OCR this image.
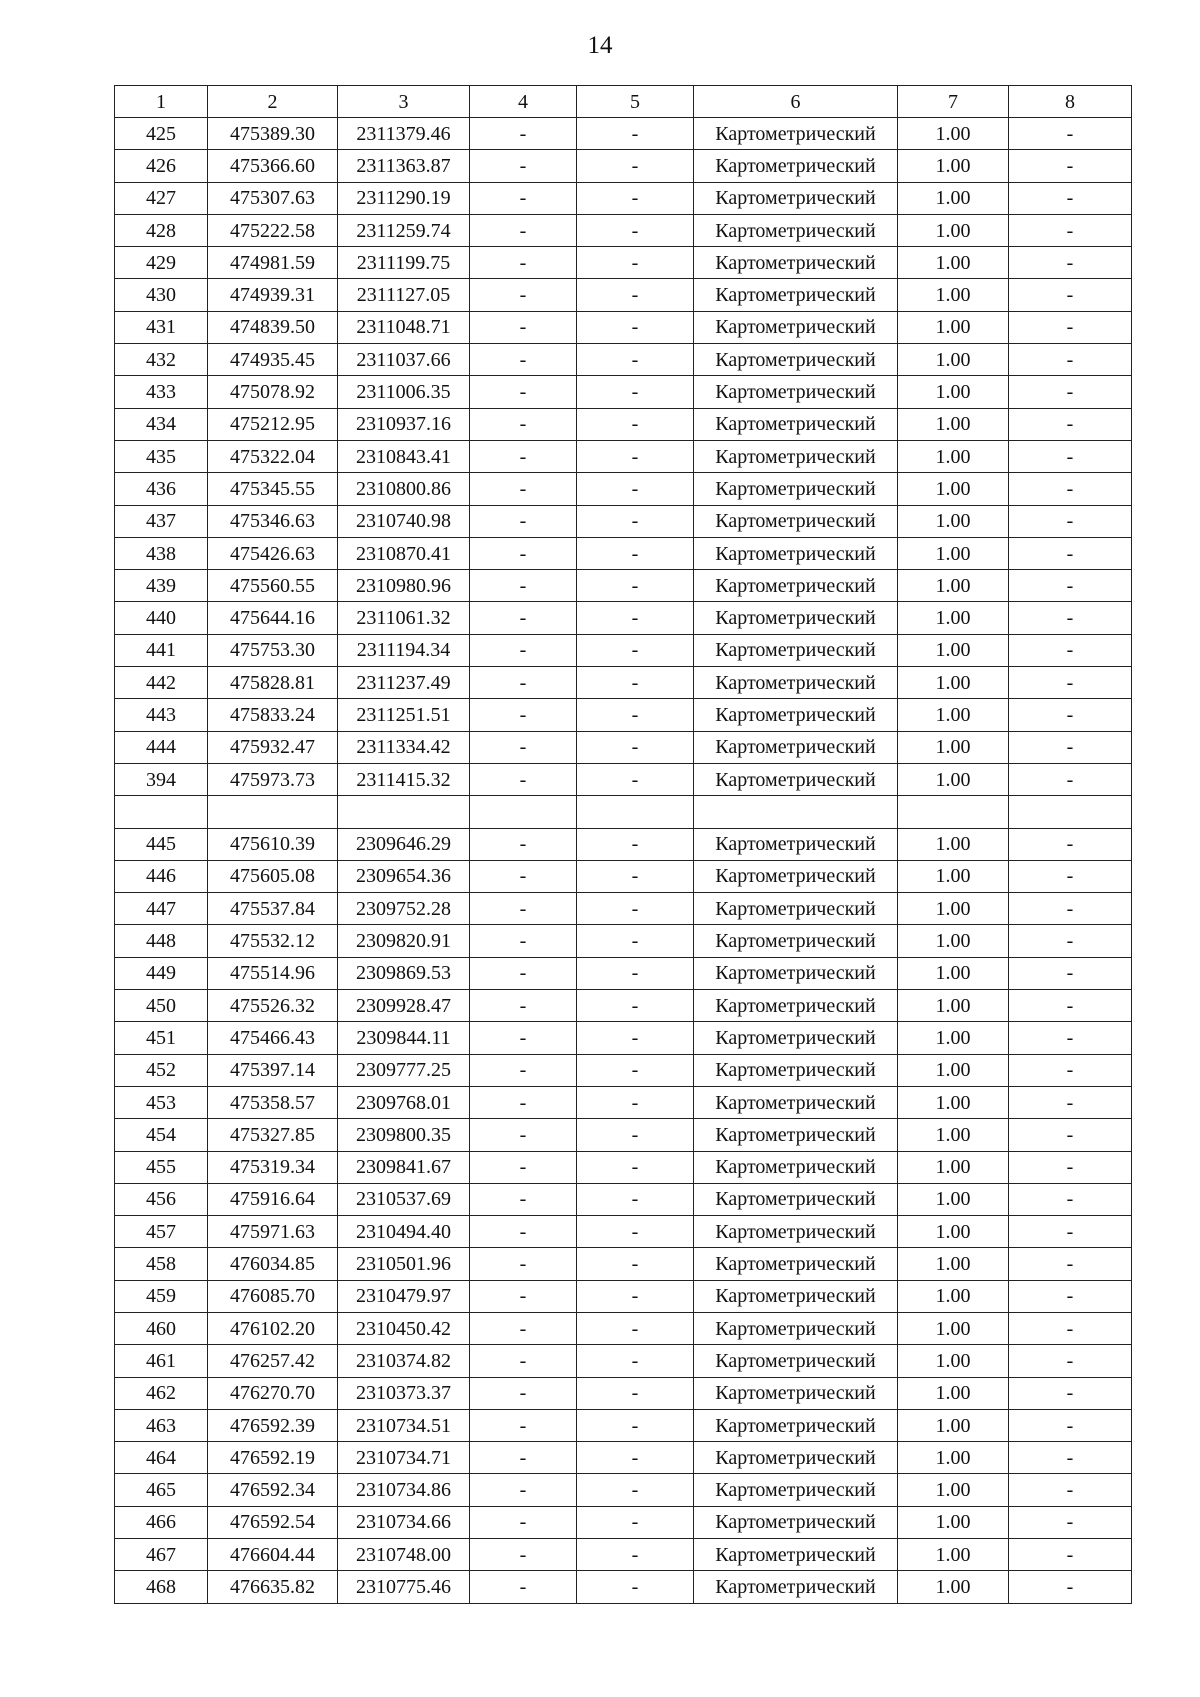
14
1	2	3	4	5	6	7	8
425	475389.30	2311379.46	-	-	Картометрический	1.00	-
426	475366.60	2311363.87	-	-	Картометрический	1.00	-
427	475307.63	2311290.19	-	-	Картометрический	1.00	-
428	475222.58	2311259.74	-	-	Картометрический	1.00	-
429	474981.59	2311199.75	-	-	Картометрический	1.00	-
430	474939.31	2311127.05	-	-	Картометрический	1.00	-
431	474839.50	2311048.71	-	-	Картометрический	1.00	-
432	474935.45	2311037.66	-	-	Картометрический	1.00	-
433	475078.92	2311006.35	-	-	Картометрический	1.00	-
434	475212.95	2310937.16	-	-	Картометрический	1.00	-
435	475322.04	2310843.41	-	-	Картометрический	1.00	-
436	475345.55	2310800.86	-	-	Картометрический	1.00	-
437	475346.63	2310740.98	-	-	Картометрический	1.00	-
438	475426.63	2310870.41	-	-	Картометрический	1.00	-
439	475560.55	2310980.96	-	-	Картометрический	1.00	-
440	475644.16	2311061.32	-	-	Картометрический	1.00	-
441	475753.30	2311194.34	-	-	Картометрический	1.00	-
442	475828.81	2311237.49	-	-	Картометрический	1.00	-
443	475833.24	2311251.51	-	-	Картометрический	1.00	-
444	475932.47	2311334.42	-	-	Картометрический	1.00	-
394	475973.73	2311415.32	-	-	Картометрический	1.00	-

445	475610.39	2309646.29	-	-	Картометрический	1.00	-
446	475605.08	2309654.36	-	-	Картометрический	1.00	-
447	475537.84	2309752.28	-	-	Картометрический	1.00	-
448	475532.12	2309820.91	-	-	Картометрический	1.00	-
449	475514.96	2309869.53	-	-	Картометрический	1.00	-
450	475526.32	2309928.47	-	-	Картометрический	1.00	-
451	475466.43	2309844.11	-	-	Картометрический	1.00	-
452	475397.14	2309777.25	-	-	Картометрический	1.00	-
453	475358.57	2309768.01	-	-	Картометрический	1.00	-
454	475327.85	2309800.35	-	-	Картометрический	1.00	-
455	475319.34	2309841.67	-	-	Картометрический	1.00	-
456	475916.64	2310537.69	-	-	Картометрический	1.00	-
457	475971.63	2310494.40	-	-	Картометрический	1.00	-
458	476034.85	2310501.96	-	-	Картометрический	1.00	-
459	476085.70	2310479.97	-	-	Картометрический	1.00	-
460	476102.20	2310450.42	-	-	Картометрический	1.00	-
461	476257.42	2310374.82	-	-	Картометрический	1.00	-
462	476270.70	2310373.37	-	-	Картометрический	1.00	-
463	476592.39	2310734.51	-	-	Картометрический	1.00	-
464	476592.19	2310734.71	-	-	Картометрический	1.00	-
465	476592.34	2310734.86	-	-	Картометрический	1.00	-
466	476592.54	2310734.66	-	-	Картометрический	1.00	-
467	476604.44	2310748.00	-	-	Картометрический	1.00	-
468	476635.82	2310775.46	-	-	Картометрический	1.00	-
